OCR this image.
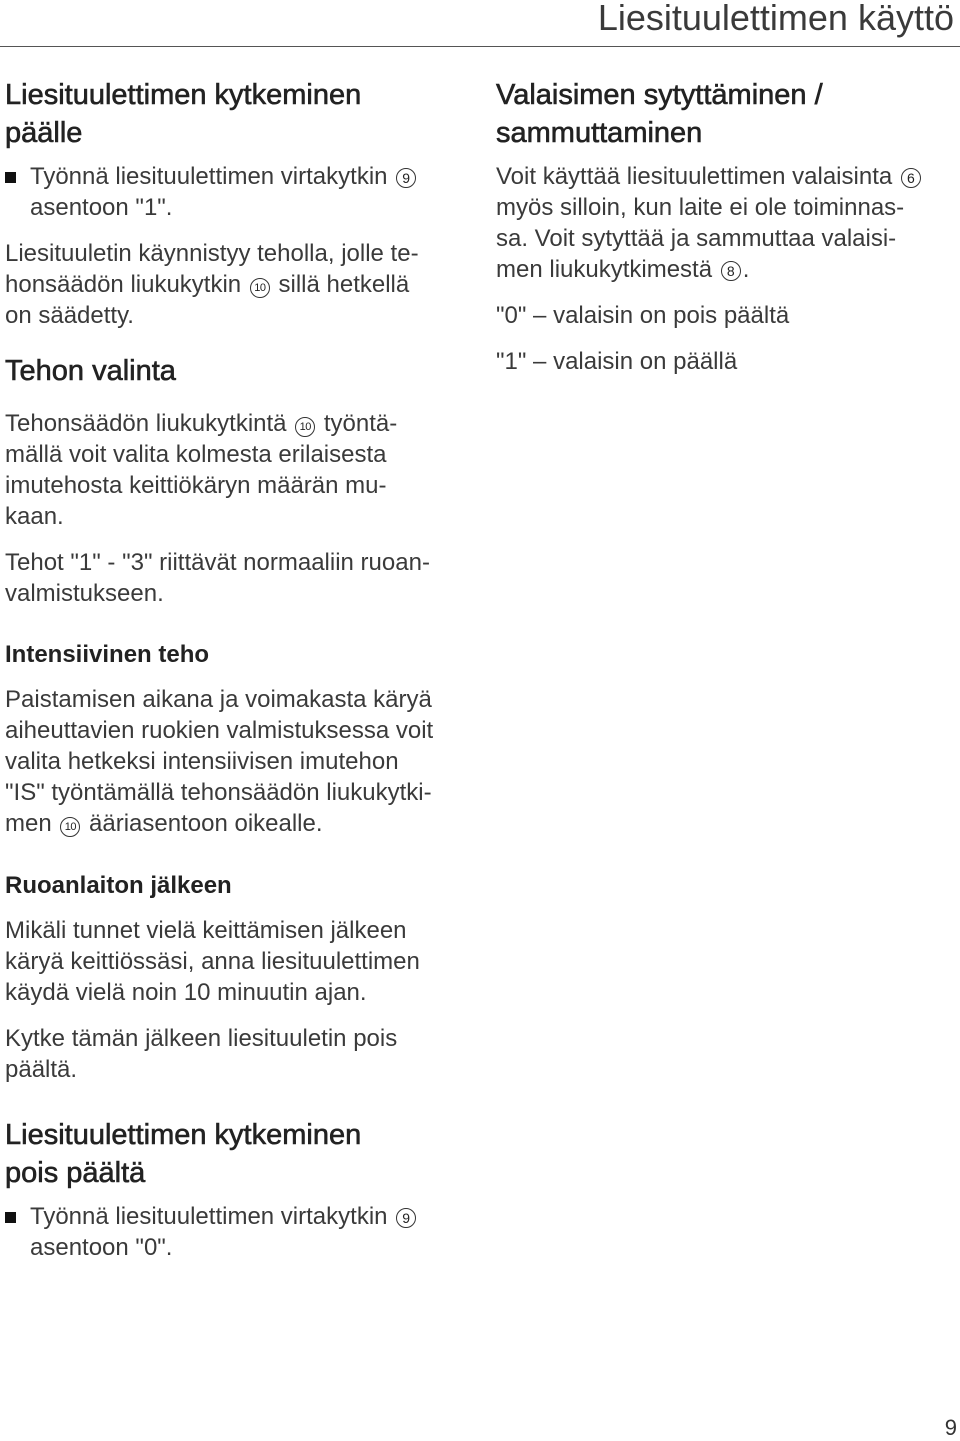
Liesituulettimen käyttö
Liesituulettimen kytkeminen
päälle

Työnnä liesituulettimen virtakytkin 9
asentoon "1".

Liesituuletin käynnistyy teholla, jolle te-
honsäädön liukukytkin 10 sillä hetkellä
on säädetty.

Tehon valinta

Tehonsäädön liukukytkintä 10 työntä-
mällä voit valita kolmesta erilaisesta
imutehosta keittiökäryn määrän mu-
kaan.

Tehot "1" - "3" riittävät normaaliin ruoan-
valmistukseen.

Intensiivinen teho

Paistamisen aikana ja voimakasta käryä
aiheuttavien ruokien valmistuksessa voit
valita hetkeksi intensiivisen imutehon
"IS" työntämällä tehonsäädön liukukytki-
men 10 ääriasentoon oikealle.

Ruoanlaiton jälkeen

Mikäli tunnet vielä keittämisen jälkeen
käryä keittiössäsi, anna liesituulettimen
käydä vielä noin 10 minuutin ajan.

Kytke tämän jälkeen liesituuletin pois
päältä.

Liesituulettimen kytkeminen
pois päältä

Työnnä liesituulettimen virtakytkin 9
asentoon "0".

Valaisimen sytyttäminen /
sammuttaminen

Voit käyttää liesituulettimen valaisinta 6
myös silloin, kun laite ei ole toiminnas-
sa. Voit sytyttää ja sammuttaa valaisi-
men liukukytkimestä 8 .

"0" – valaisin on pois päältä

"1" – valaisin on päällä

9
